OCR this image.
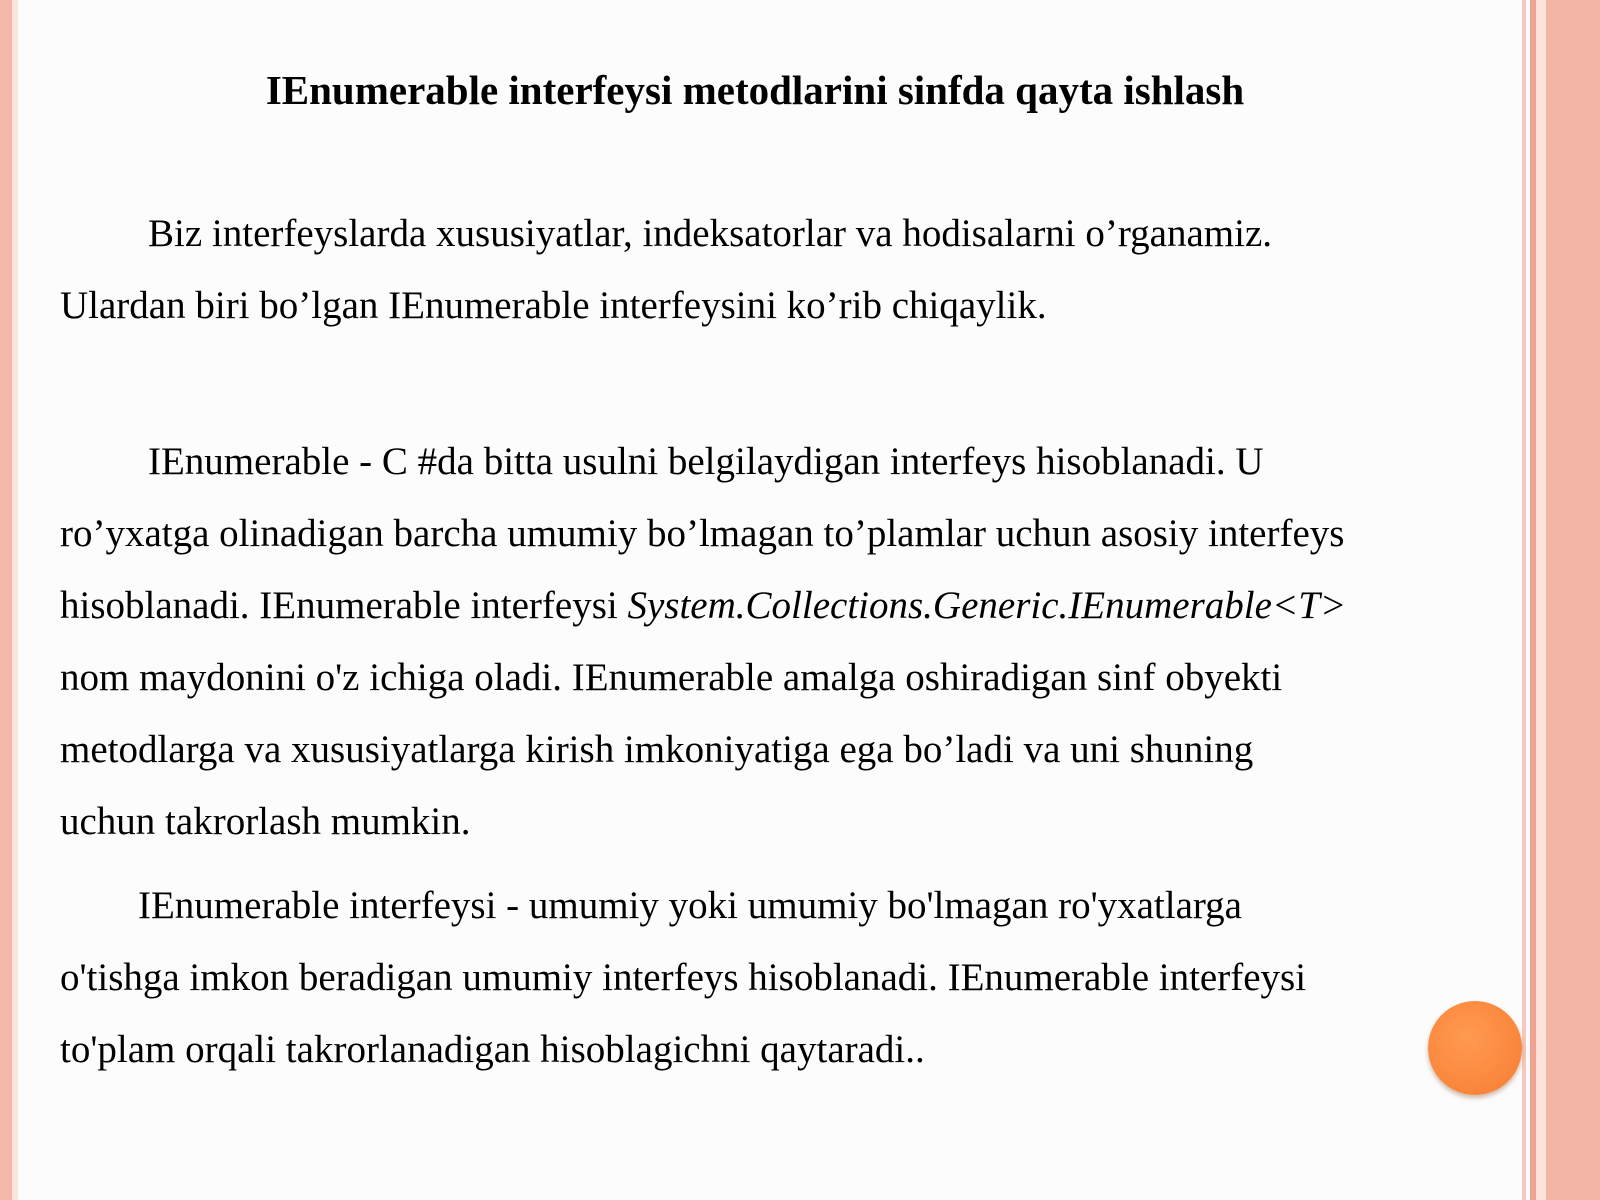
IEnumerable interfeysi metodlarini sinfda qayta ishlash
Biz interfeyslarda xususiyatlar, indeksatorlar va hodisalarni o’rganamiz.
Ulardan biri bo’lgan IEnumerable interfeysini ko’rib chiqaylik.
IEnumerable - C #da bitta usulni belgilaydigan interfeys hisoblanadi. U
ro’yxatga olinadigan barcha umumiy bo’lmagan to’plamlar uchun asosiy interfeys
hisoblanadi. IEnumerable interfeysi System.Collections.Generic.IEnumerable<T>
nom maydonini o'z ichiga oladi. IEnumerable amalga oshiradigan sinf obyekti
metodlarga va xususiyatlarga kirish imkoniyatiga ega bo’ladi va uni shuning
uchun takrorlash mumkin.
IEnumerable interfeysi - umumiy yoki umumiy bo'lmagan ro'yxatlarga
o'tishga imkon beradigan umumiy interfeys hisoblanadi. IEnumerable interfeysi
to'plam orqali takrorlanadigan hisoblagichni qaytaradi..
